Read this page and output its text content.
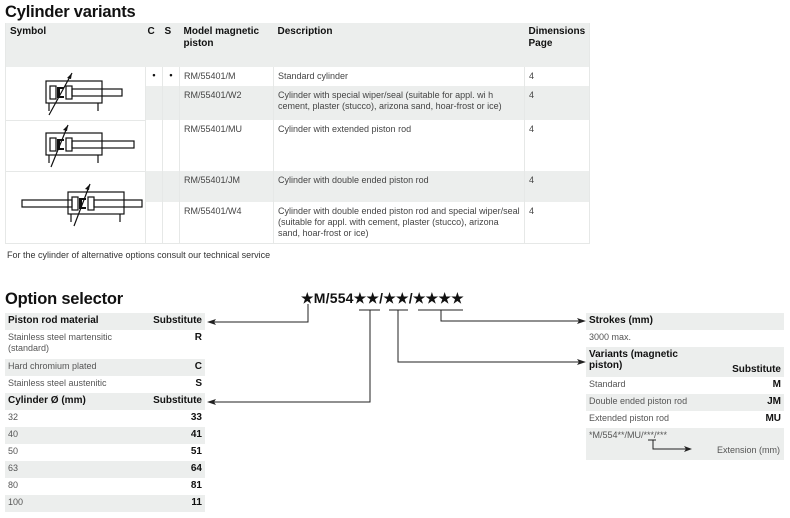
Cylinder variants
Symbol	C	S	Model magnetic piston	Description	Dimensions Page

	•	•	RM/55401/M	Standard cylinder	4
			RM/55401/W2	Cylinder with special wiper/seal (suitable for appl. wi h cement, plaster (stucco), arizona sand, hoar-frost or ice)	4

			RM/55401/MU	Cylinder with extended piston rod	4

			RM/55401/JM	Cylinder with double ended piston rod	4
			RM/55401/W4	Cylinder with double ended piston rod and special wiper/seal (suitable for appl. with cement, plaster (stucco), arizona sand, hoar-frost or ice)	4
For the cylinder of alternative options consult our technical service
Option selector	★M/554★★/★★/★★★★
Piston rod material	Substitute
Stainless steel martensitic (standard)	R
Hard chromium plated	C
Stainless steel austenitic	S
Cylinder Ø (mm)	Substitute
32	33
40	41
50	51
63	64
80	81
100	11
Strokes (mm)	
3000 max.	
Variants (magnetic piston)	Substitute
Standard	M
Double ended piston rod	JM
Extended piston rod	MU
*M/554**/MU/***/***
Extension (mm)	
